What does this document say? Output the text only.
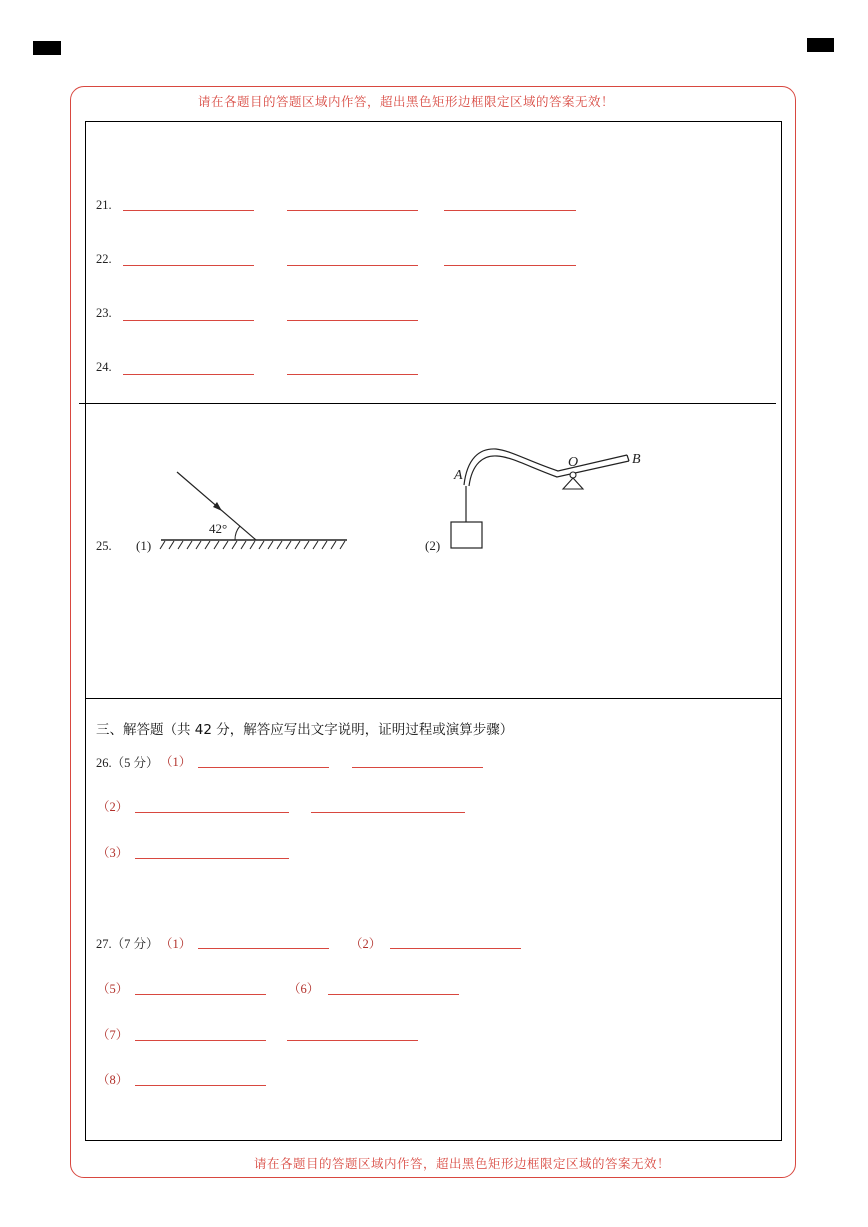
请在各题目的答题区域内作答，超出黑色矩形边框限定区域的答案无效！
请在各题目的答题区域内作答，超出黑色矩形边框限定区域的答案无效！
21.
22.
23.
24.
25. (1)	(2)
42°
A
O	B
三、解答题（共 42 分，解答应写出文字说明，证明过程或演算步骤）
26.（5 分） （1）
（2）
（3）
27.（7 分） （1）	（2）
（5）	（6）
（7）
（8）
